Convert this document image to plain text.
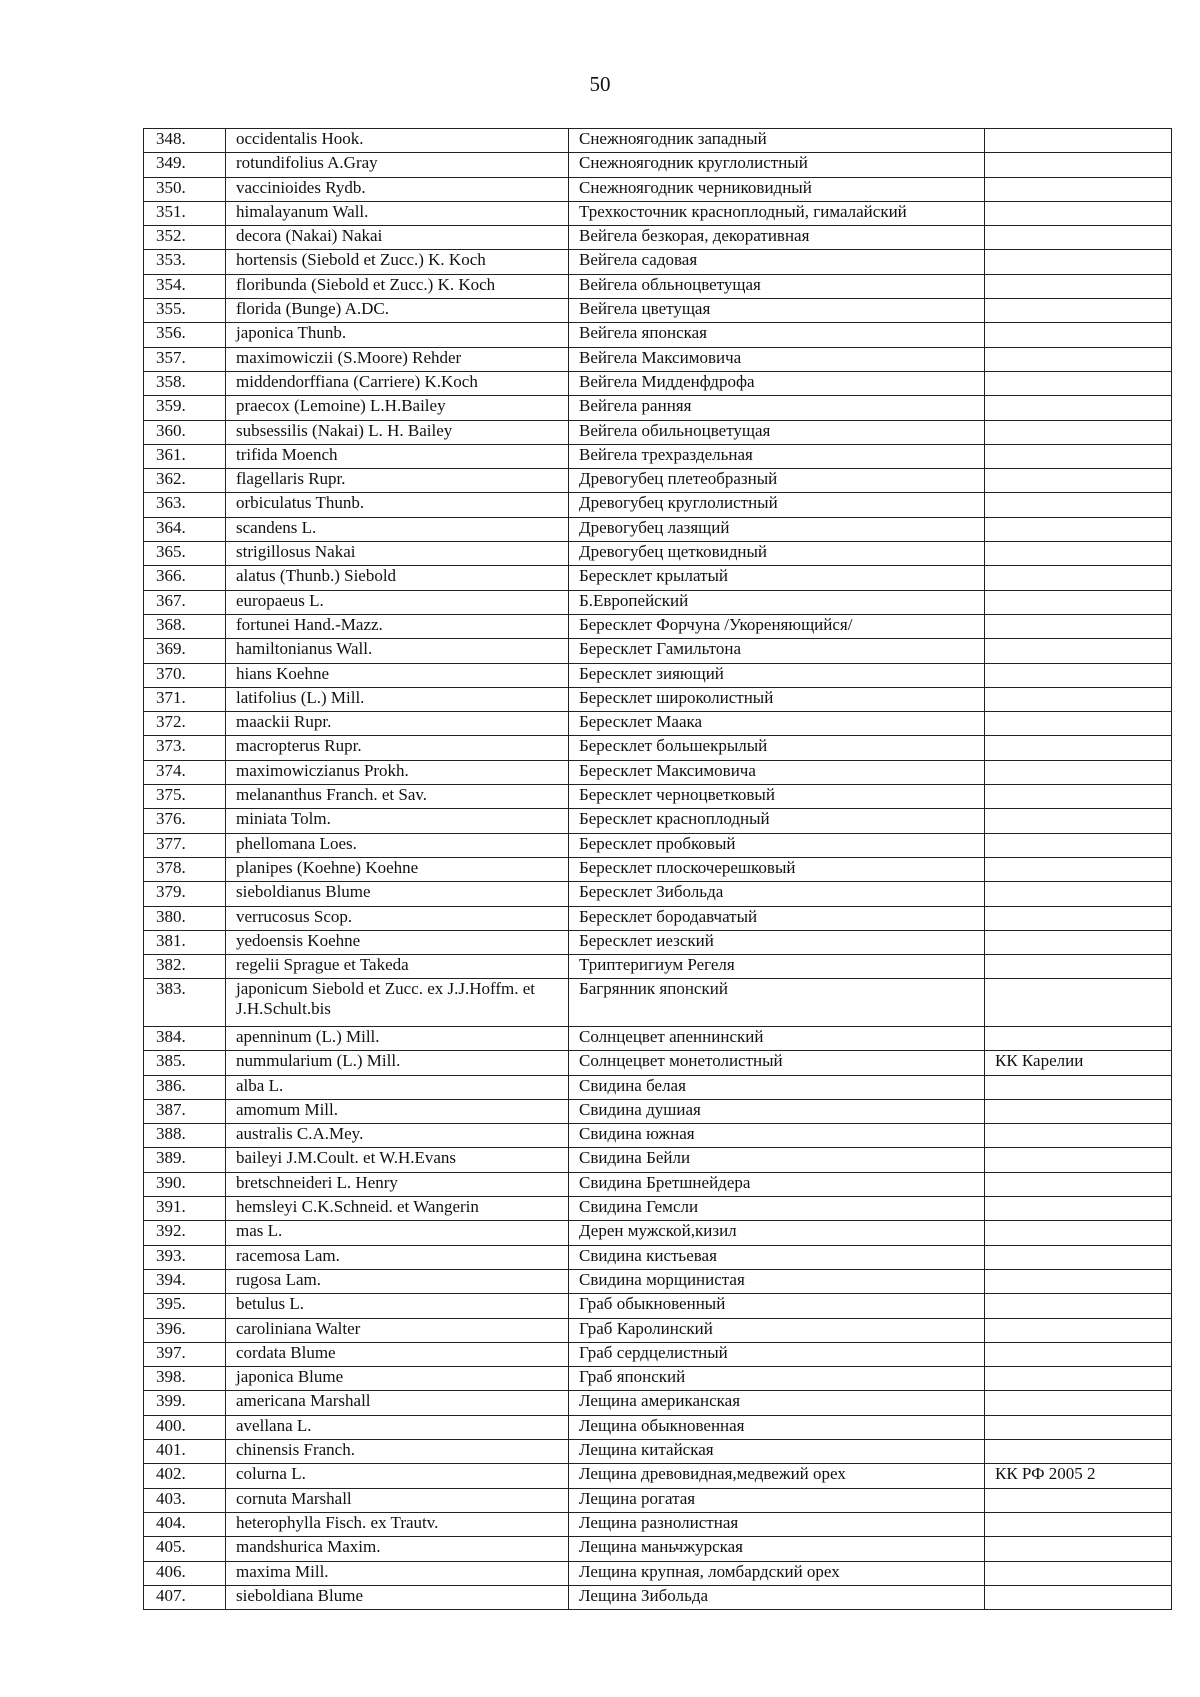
50
348.	occidentalis Hook.	Снежноягодник западный	
349.	rotundifolius A.Gray	Снежноягодник круглолистный	
350.	vaccinioides Rydb.	Снежноягодник черниковидный	
351.	himalayanum Wall.	Трехкосточник красноплодный, гималайский	
352.	decora (Nakai) Nakai	Вейгела безкорая, декоративная	
353.	hortensis (Siebold et Zucc.) K. Koch	Вейгела садовая	
354.	floribunda (Siebold et Zucc.) K. Koch	Вейгела обльноцветущая	
355.	florida (Bunge) A.DC.	Вейгела цветущая	
356.	japonica Thunb.	Вейгела японская	
357.	maximowiczii (S.Moore) Rehder	Вейгела Максимовича	
358.	middendorffiana (Carriere) K.Koch	Вейгела Мидденфдрофа	
359.	praecox (Lemoine) L.H.Bailey	Вейгела ранняя	
360.	subsessilis (Nakai) L. H. Bailey	Вейгела обильноцветущая	
361.	trifida Moench	Вейгела трехраздельная	
362.	flagellaris Rupr.	Древогубец плетеобразный	
363.	orbiculatus Thunb.	Древогубец круглолистный	
364.	scandens L.	Древогубец лазящий	
365.	strigillosus Nakai	Древогубец щетковидный	
366.	alatus (Thunb.) Siebold	Бересклет крылатый	
367.	europaeus L.	Б.Европейский	
368.	fortunei Hand.-Mazz.	Бересклет Форчуна /Укореняющийся/	
369.	hamiltonianus Wall.	Бересклет Гамильтона	
370.	hians Koehne	Бересклет зияющий	
371.	latifolius (L.) Mill.	Бересклет широколистный	
372.	maackii Rupr.	Бересклет Маака	
373.	macropterus Rupr.	Бересклет большекрылый	
374.	maximowiczianus Prokh.	Бересклет Максимовича	
375.	melananthus Franch. et Sav.	Бересклет черноцветковый	
376.	miniata Tolm.	Бересклет красноплодный	
377.	phellomana Loes.	Бересклет пробковый	
378.	planipes (Koehne) Koehne	Бересклет плоскочерешковый	
379.	sieboldianus Blume	Бересклет Зибольда	
380.	verrucosus Scop.	Бересклет бородавчатый	
381.	yedoensis Koehne	Бересклет иезский	
382.	regelii Sprague et Takeda	Триптеригиум Регеля	
383.	japonicum Siebold et Zucc. ex J.J.Hoffm. et J.H.Schult.bis	Багрянник японский	
384.	apenninum (L.) Mill.	Солнцецвет апеннинский	
385.	nummularium (L.) Mill.	Солнцецвет монетолистный	КК Карелии
386.	alba L.	Свидина белая	
387.	amomum Mill.	Свидина душиая	
388.	australis C.A.Mey.	Свидина южная	
389.	baileyi J.M.Coult. et W.H.Evans	Свидина Бейли	
390.	bretschneideri L. Henry	Свидина Бретшнейдера	
391.	hemsleyi C.K.Schneid. et Wangerin	Свидина Гемсли	
392.	mas L.	Дерен мужской,кизил	
393.	racemosa Lam.	Свидина кистьевая	
394.	rugosa Lam.	Свидина морщинистая	
395.	betulus L.	Граб обыкновенный	
396.	caroliniana Walter	Граб Каролинский	
397.	cordata Blume	Граб сердцелистный	
398.	japonica Blume	Граб японский	
399.	americana Marshall	Лещина американская	
400.	avellana L.	Лещина обыкновенная	
401.	chinensis Franch.	Лещина китайская	
402.	colurna L.	Лещина древовидная,медвежий орех	КК РФ 2005 2
403.	cornuta Marshall	Лещина рогатая	
404.	heterophylla Fisch. ex Trautv.	Лещина разнолистная	
405.	mandshurica Maxim.	Лещина маньчжурская	
406.	maxima Mill.	Лещина крупная, ломбардский орех	
407.	sieboldiana Blume	Лещина Зибольда	
